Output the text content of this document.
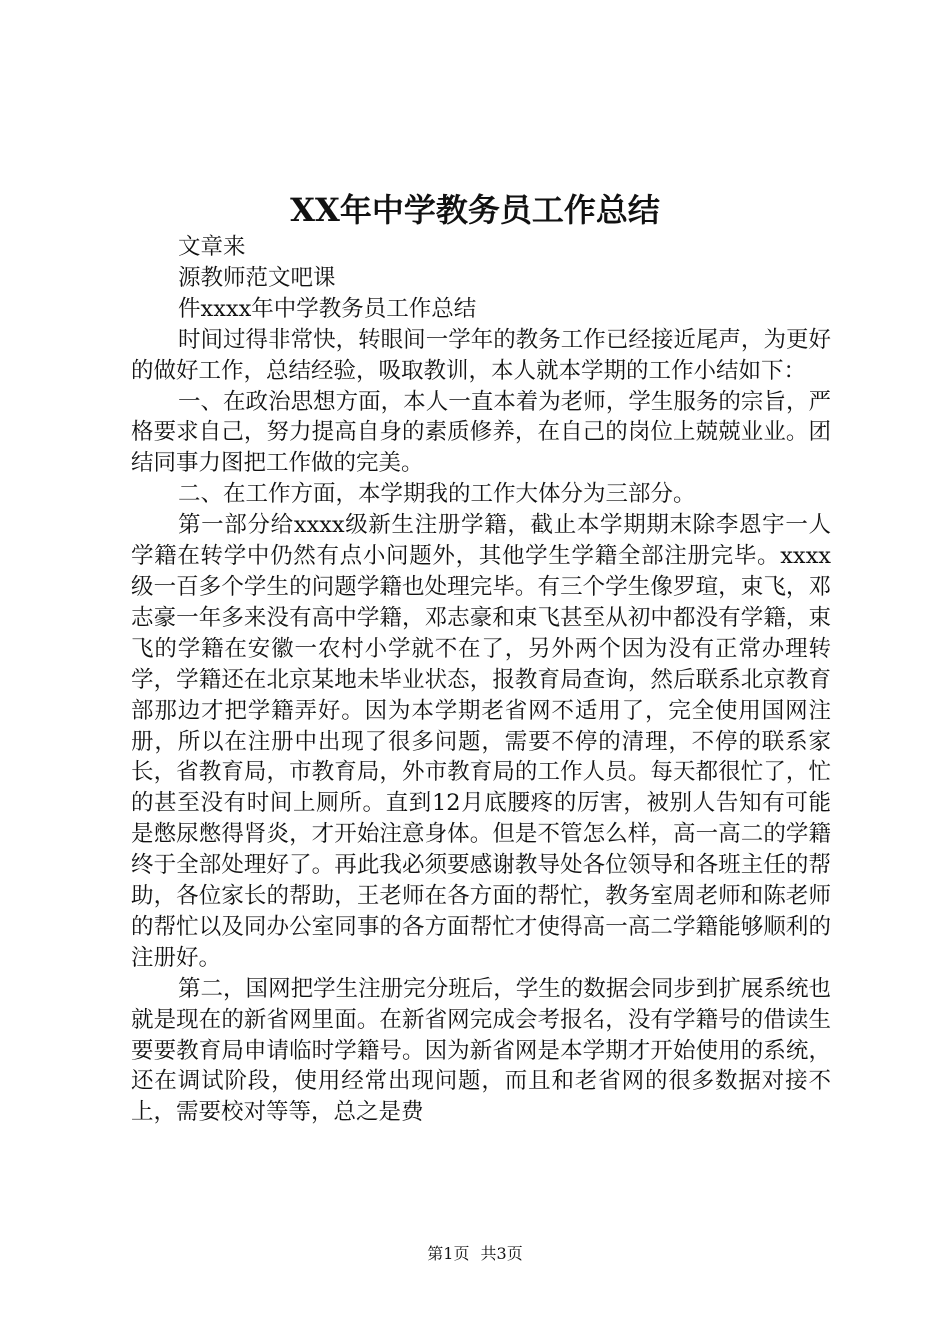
XX年中学教务员工作总结

文章来

源教师范文吧课

件xxxx年中学教务员工作总结

时间过得非常快，转眼间一学年的教务工作已经接近尾声，为更好的做好工作，总结经验，吸取教训，本人就本学期的工作小结如下：

一、在政治思想方面，本人一直本着为老师，学生服务的宗旨，严格要求自己，努力提高自身的素质修养，在自己的岗位上兢兢业业。团结同事力图把工作做的完美。

二、在工作方面，本学期我的工作大体分为三部分。

第一部分给xxxx级新生注册学籍，截止本学期期末除李恩宇一人学籍在转学中仍然有点小问题外，其他学生学籍全部注册完毕。xxxx级一百多个学生的问题学籍也处理完毕。有三个学生像罗瑄，束飞，邓志豪一年多来没有高中学籍，邓志豪和束飞甚至从初中都没有学籍，束飞的学籍在安徽一农村小学就不在了，另外两个因为没有正常办理转学，学籍还在北京某地未毕业状态，报教育局查询，然后联系北京教育部那边才把学籍弄好。因为本学期老省网不适用了，完全使用国网注册，所以在注册中出现了很多问题，需要不停的清理，不停的联系家长，省教育局，市教育局，外市教育局的工作人员。每天都很忙了，忙的甚至没有时间上厕所。直到12月底腰疼的厉害，被别人告知有可能是憋尿憋得肾炎，才开始注意身体。但是不管怎么样，高一高二的学籍终于全部处理好了。再此我必须要感谢教导处各位领导和各班主任的帮助，各位家长的帮助，王老师在各方面的帮忙，教务室周老师和陈老师的帮忙以及同办公室同事的各方面帮忙才使得高一高二学籍能够顺利的注册好。

第二，国网把学生注册完分班后，学生的数据会同步到扩展系统也就是现在的新省网里面。在新省网完成会考报名，没有学籍号的借读生要要教育局申请临时学籍号。因为新省网是本学期才开始使用的系统，还在调试阶段，使用经常出现问题，而且和老省网的很多数据对接不上，需要校对等等，总之是费

第1页 共3页
